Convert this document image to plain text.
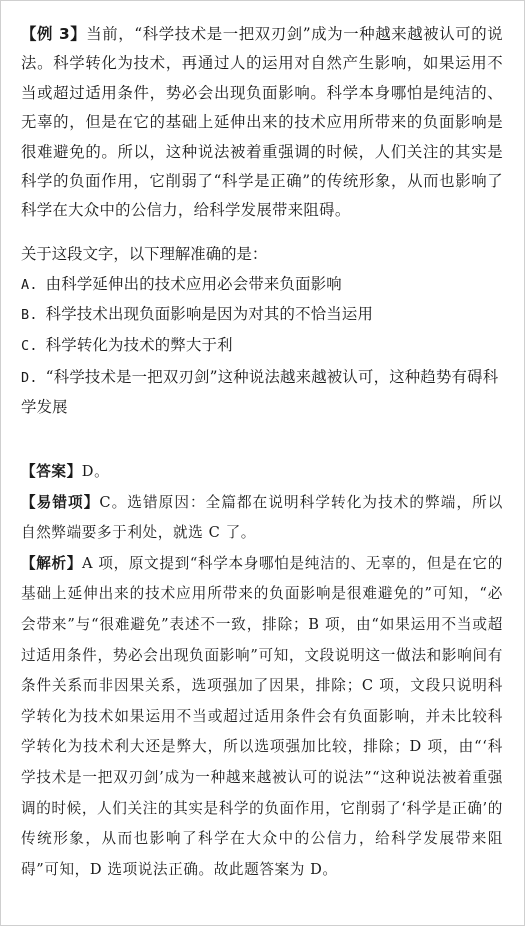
【例 3】当前，“科学技术是一把双刃剑”成为一种越来越被认可的说法。科学转化为技术，再通过人的运用对自然产生影响，如果运用不当或超过适用条件，势必会出现负面影响。科学本身哪怕是纯洁的、无辜的，但是在它的基础上延伸出来的技术应用所带来的负面影响是很难避免的。所以，这种说法被着重强调的时候，人们关注的其实是科学的负面作用，它削弱了“科学是正确”的传统形象，从而也影响了科学在大众中的公信力，给科学发展带来阻碍。

关于这段文字，以下理解准确的是：
A. 由科学延伸出的技术应用必会带来负面影响
B. 科学技术出现负面影响是因为对其的不恰当运用
C. 科学转化为技术的弊大于利
D. “科学技术是一把双刃剑”这种说法越来越被认可，这种趋势有碍科学发展

【答案】D。

【易错项】C。选错原因：全篇都在说明科学转化为技术的弊端，所以自然弊端要多于利处，就选 C 了。

【解析】A 项，原文提到“科学本身哪怕是纯洁的、无辜的，但是在它的基础上延伸出来的技术应用所带来的负面影响是很难避免的”可知，“必会带来”与“很难避免”表述不一致，排除；B 项，由“如果运用不当或超过适用条件，势必会出现负面影响”可知，文段说明这一做法和影响间有条件关系而非因果关系，选项强加了因果，排除；C 项，文段只说明科学转化为技术如果运用不当或超过适用条件会有负面影响，并未比较科学转化为技术利大还是弊大，所以选项强加比较，排除；D 项，由“‘科学技术是一把双刃剑’成为一种越来越被认可的说法”“这种说法被着重强调的时候，人们关注的其实是科学的负面作用，它削弱了‘科学是正确’的传统形象，从而也影响了科学在大众中的公信力，给科学发展带来阻碍”可知，D 选项说法正确。故此题答案为 D。
